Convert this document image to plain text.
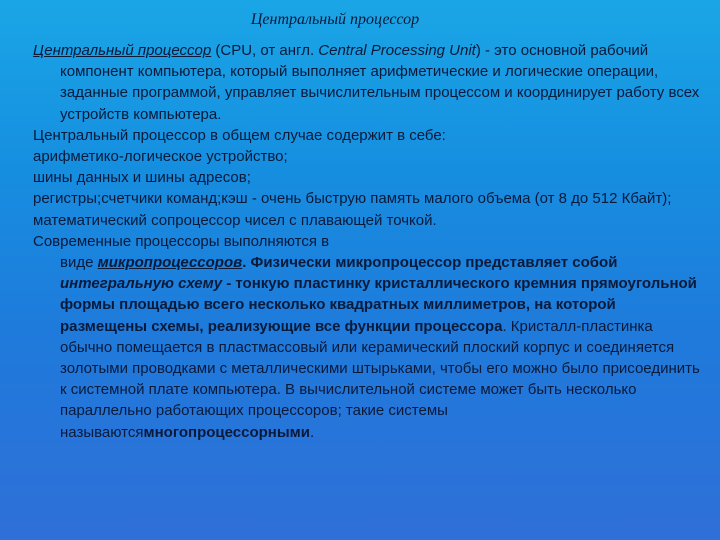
Центральный процессор

Центральный процессор (CPU, от англ. Central Processing Unit) - это основной рабочий компонент компьютера, который выполняет арифметические и логические операции, заданные программой, управляет вычислительным процессом и координирует работу всех устройств компьютера.

Центральный процессор в общем случае содержит в себе:

арифметико-логическое устройство;

шины данных и шины адресов;

регистры;счетчики команд;кэш - очень быструю память малого объема (от 8 до 512 Кбайт);

математический сопроцессор чисел с плавающей точкой.

Современные процессоры выполняются в
виде микропроцессоров. Физически микропроцессор представляет собой интегральную схему - тонкую пластинку кристаллического кремния прямоугольной формы площадью всего несколько квадратных миллиметров, на которой размещены схемы, реализующие все функции процессора. Кристалл-пластинка обычно помещается в пластмассовый или керамический плоский корпус и соединяется золотыми проводками с металлическими штырьками, чтобы его можно было присоединить к системной плате компьютера. В вычислительной системе может быть несколько параллельно работающих процессоров; такие системы называютсямногопроцессорными.
